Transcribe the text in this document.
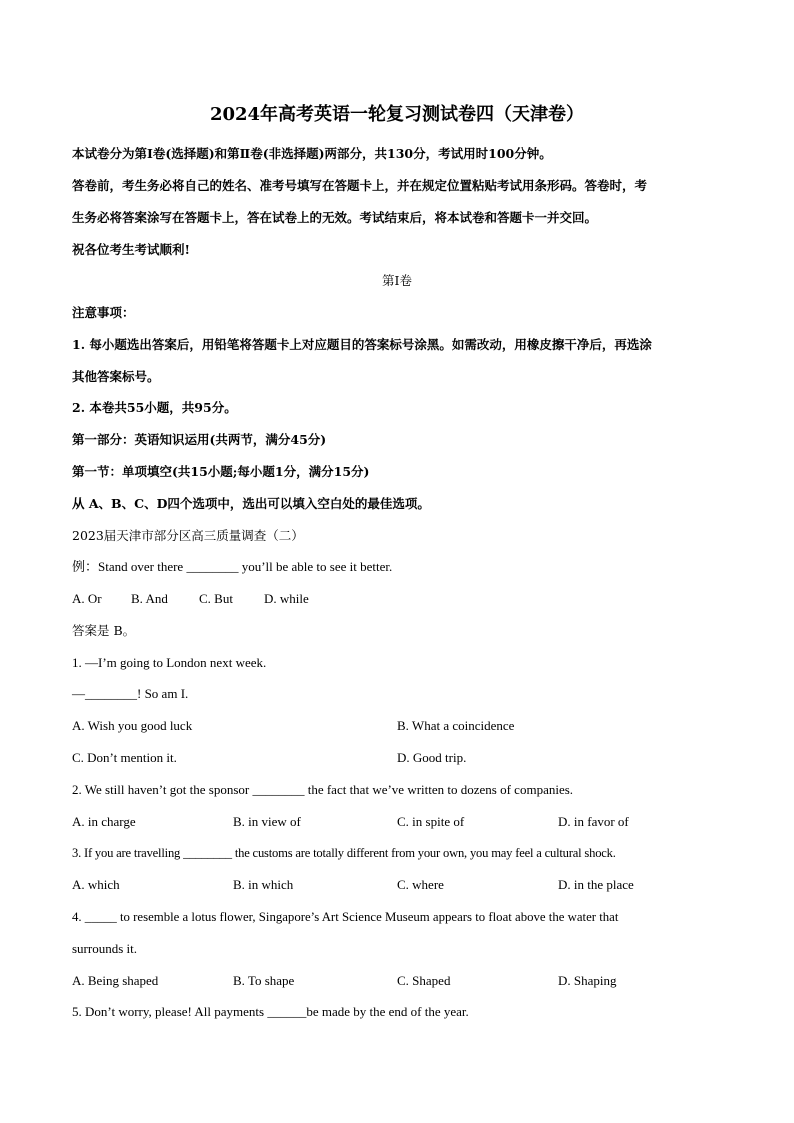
2024年高考英语一轮复习测试卷四（天津卷）
本试卷分为第Ⅰ卷(选择题)和第Ⅱ卷(非选择题)两部分，共130分，考试用时100分钟。
答卷前，考生务必将自己的姓名、准考号填写在答题卡上，并在规定位置粘贴考试用条形码。答卷时，考
生务必将答案涂写在答题卡上，答在试卷上的无效。考试结束后，将本试卷和答题卡一并交回。
祝各位考生考试顺利!
第Ⅰ卷
注意事项：
1. 每小题选出答案后，用铅笔将答题卡上对应题目的答案标号涂黑。如需改动，用橡皮擦干净后，再选涂
其他答案标号。
2. 本卷共55小题，共95分。
第一部分：英语知识运用(共两节，满分45分)
第一节：单项填空(共15小题;每小题1分，满分15分)
从 A、B、C、D四个选项中，选出可以填入空白处的最佳选项。
2023届天津市部分区高三质量调查（二）
例：Stand over there ________ you’ll be able to see it better.
A. Or B. And C. But D. while
答案是 B。
1. —I’m going to London next week.
—________! So am I.
A. Wish you good luck	B. What a coincidence
C. Don’t mention it.	D. Good trip.
2. We still haven’t got the sponsor ________ the fact that we’ve written to dozens of companies.
A. in charge	B. in view of	C. in spite of	D. in favor of
3. If you are travelling ________ the customs are totally different from your own, you may feel a cultural shock.
A. which	B. in which	C. where	D. in the place
4. _____ to resemble a lotus flower, Singapore’s Art Science Museum appears to float above the water that
surrounds it.
A. Being shaped	B. To shape	C. Shaped	D. Shaping
5. Don’t worry, please! All payments ______be made by the end of the year.
